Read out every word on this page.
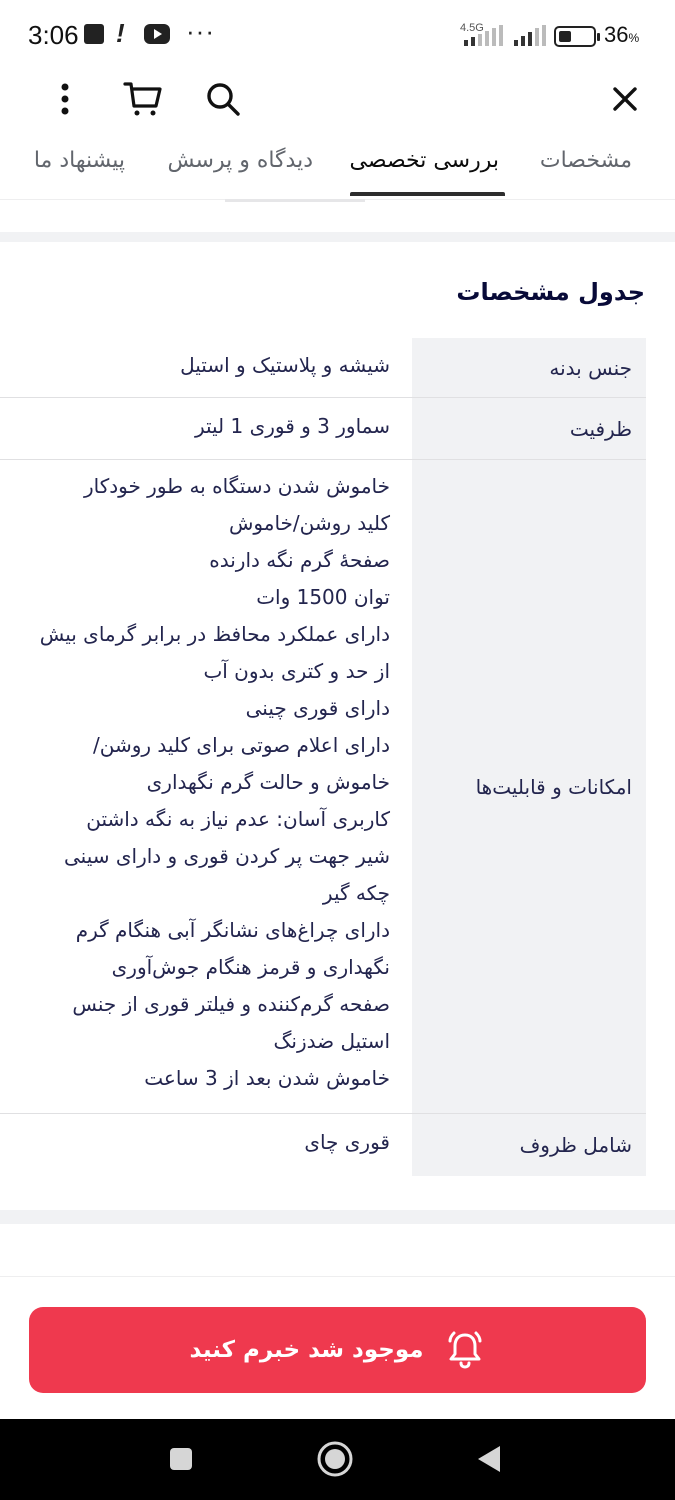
3:06 ! ···	4.5G	36%
مشخصات
بررسی تخصصی
دیدگاه و پرسش
پیشنهاد ما
جدول مشخصات
جنس بدنه
شیشه و پلاستیک و استیل
ظرفیت
سماور 3 و قوری 1 لیتر
امکانات و قابلیت‌ها
خاموش شدن دستگاه به طور خودکار
کلید روشن/خاموش
صفحهٔ گرم نگه دارنده
توان 1500 وات
دارای عملکرد محافظ در برابر گرمای بیش
از حد و کتری بدون آب
دارای قوری چینی
دارای اعلام صوتی برای کلید روشن/
خاموش و حالت گرم نگهداری
کاربری آسان: عدم نیاز به نگه داشتن
شیر جهت پر کردن قوری و دارای سینی
چکه گیر
دارای چراغ‌های نشانگر آبی هنگام گرم
نگهداری و قرمز هنگام جوش‌آوری
صفحه گرم‌کننده و فیلتر قوری از جنس
استیل ضدزنگ
خاموش شدن بعد از 3 ساعت
شامل ظروف
قوری چای
موجود شد خبرم کنید
